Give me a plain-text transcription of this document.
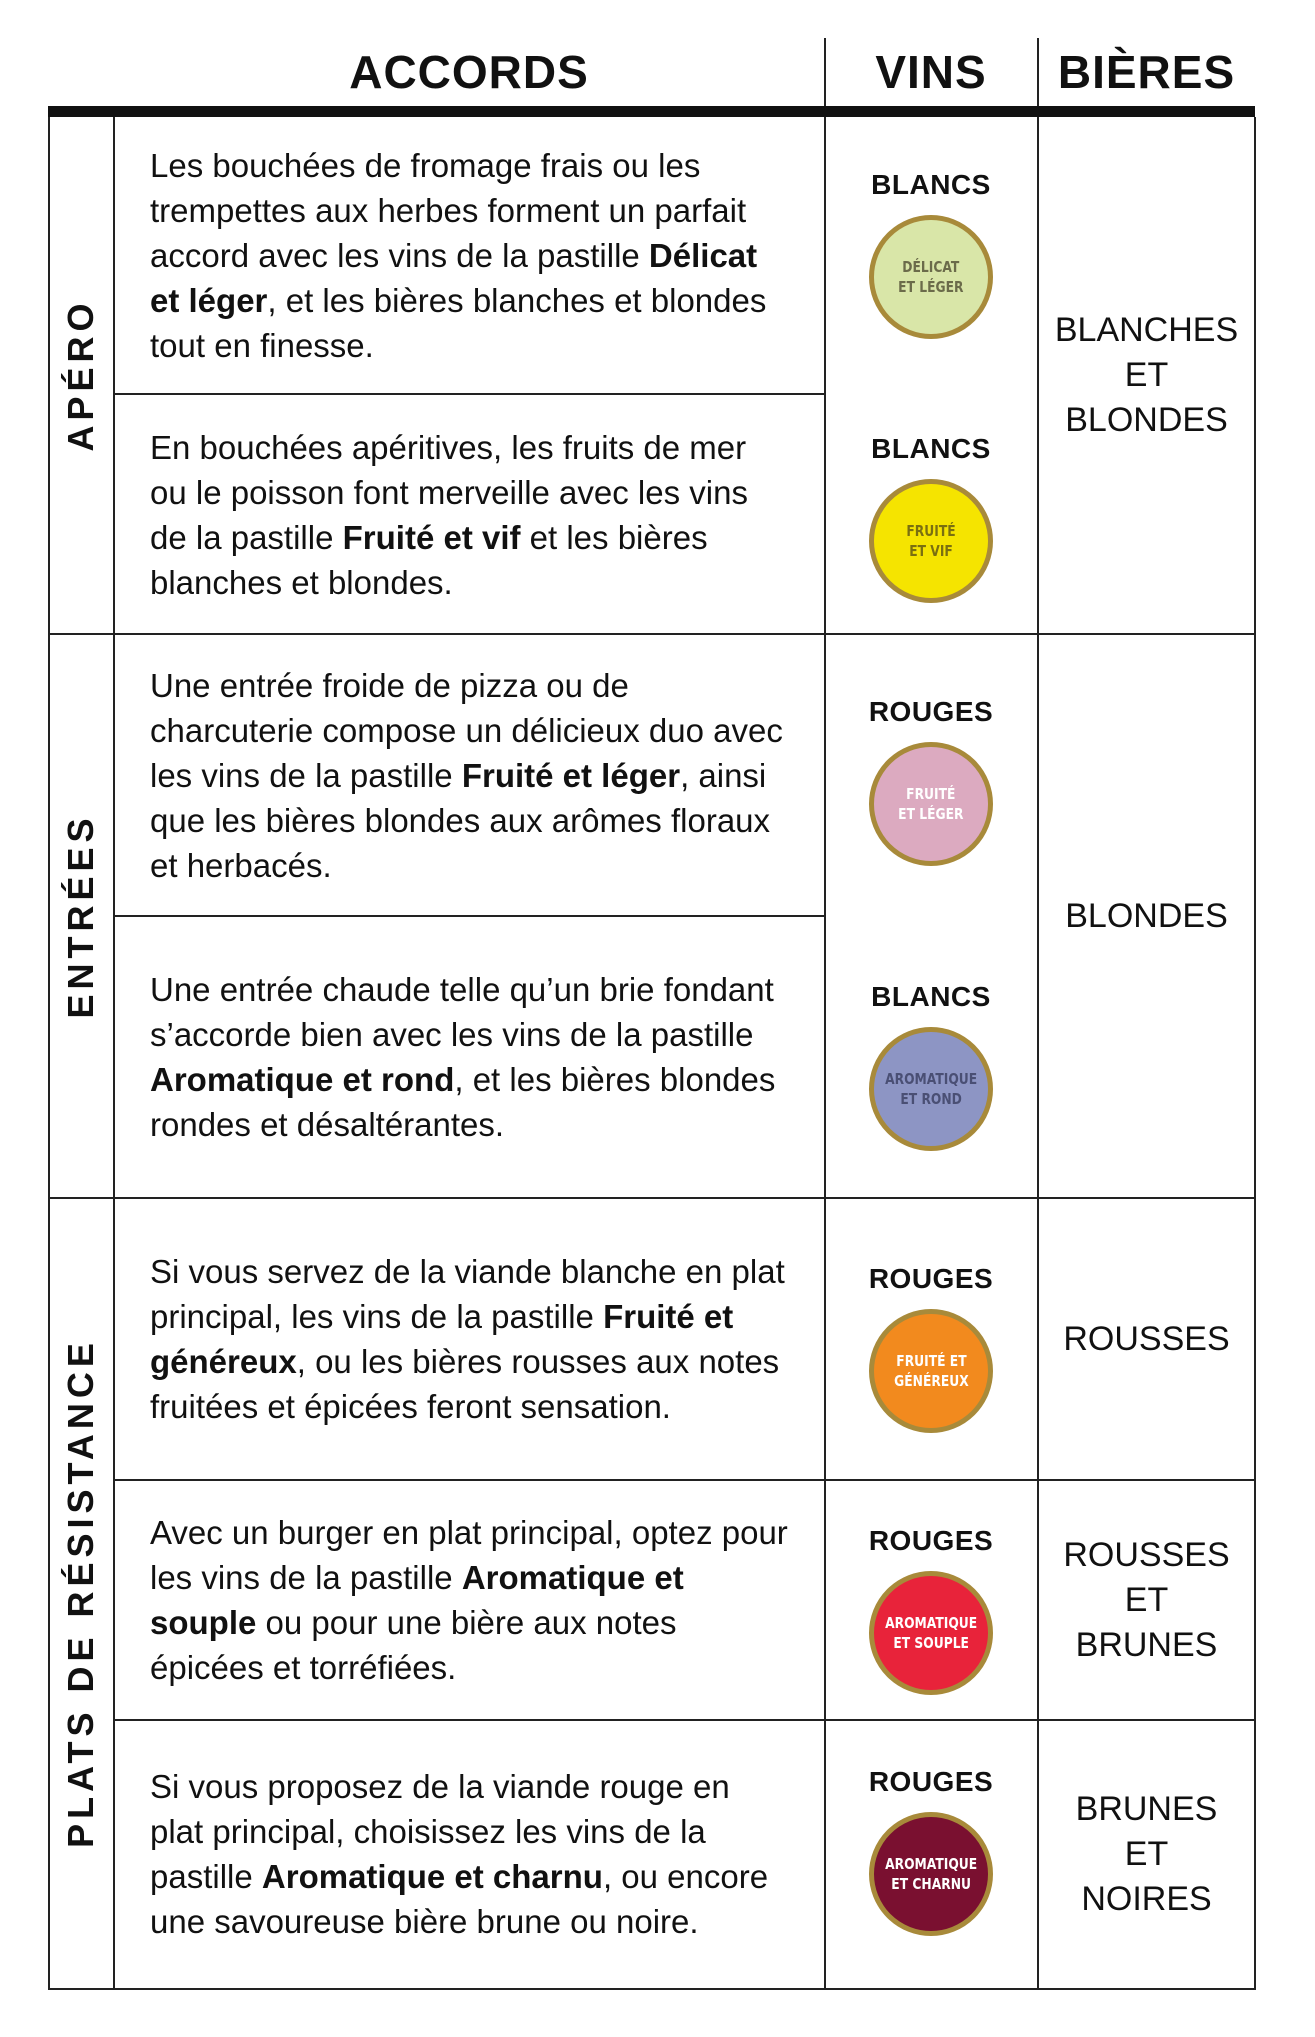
ACCORDS	VINS	BIÈRES
APÉRO
ENTRÉES
PLATS DE RÉSISTANCE

Les bouchées de fromage frais ou les trempettes aux herbes forment un parfait accord avec les vins de la pastille Délicat et léger, et les bières blanches et blondes tout en finesse.

BLANCS
DÉLICAT
ET LÉGER

En bouchées apéritives, les fruits de mer ou le poisson font merveille avec les vins de la pastille Fruité et vif et les bières blanches et blondes.

BLANCS
FRUITÉ
ET VIF

Une entrée froide de pizza ou de charcuterie compose un délicieux duo avec les vins de la pastille Fruité et léger, ainsi que les bières blondes aux arômes floraux et herbacés.

ROUGES
FRUITÉ
ET LÉGER

Une entrée chaude telle qu’un brie fondant s’accorde bien avec les vins de la pastille Aromatique et rond, et les bières blondes rondes et désaltérantes.

BLANCS
AROMATIQUE
ET ROND

Si vous servez de la viande blanche en plat principal, les vins de la pastille Fruité et généreux, ou les bières rousses aux notes fruitées et épicées feront sensation.

ROUGES
FRUITÉ ET
GÉNÉREUX

Avec un burger en plat principal, optez pour les vins de la pastille Aromatique et souple ou pour une bière aux notes épicées et torréfiées.

ROUGES
AROMATIQUE
ET SOUPLE

Si vous proposez de la viande rouge en plat principal, choisissez les vins de la pastille Aromatique et charnu, ou encore une savoureuse bière brune ou noire.

ROUGES
AROMATIQUE
ET CHARNU
BLANCHES
ET
BLONDES
BLONDES
ROUSSES
ROUSSES
ET
BRUNES
BRUNES
ET
NOIRES
